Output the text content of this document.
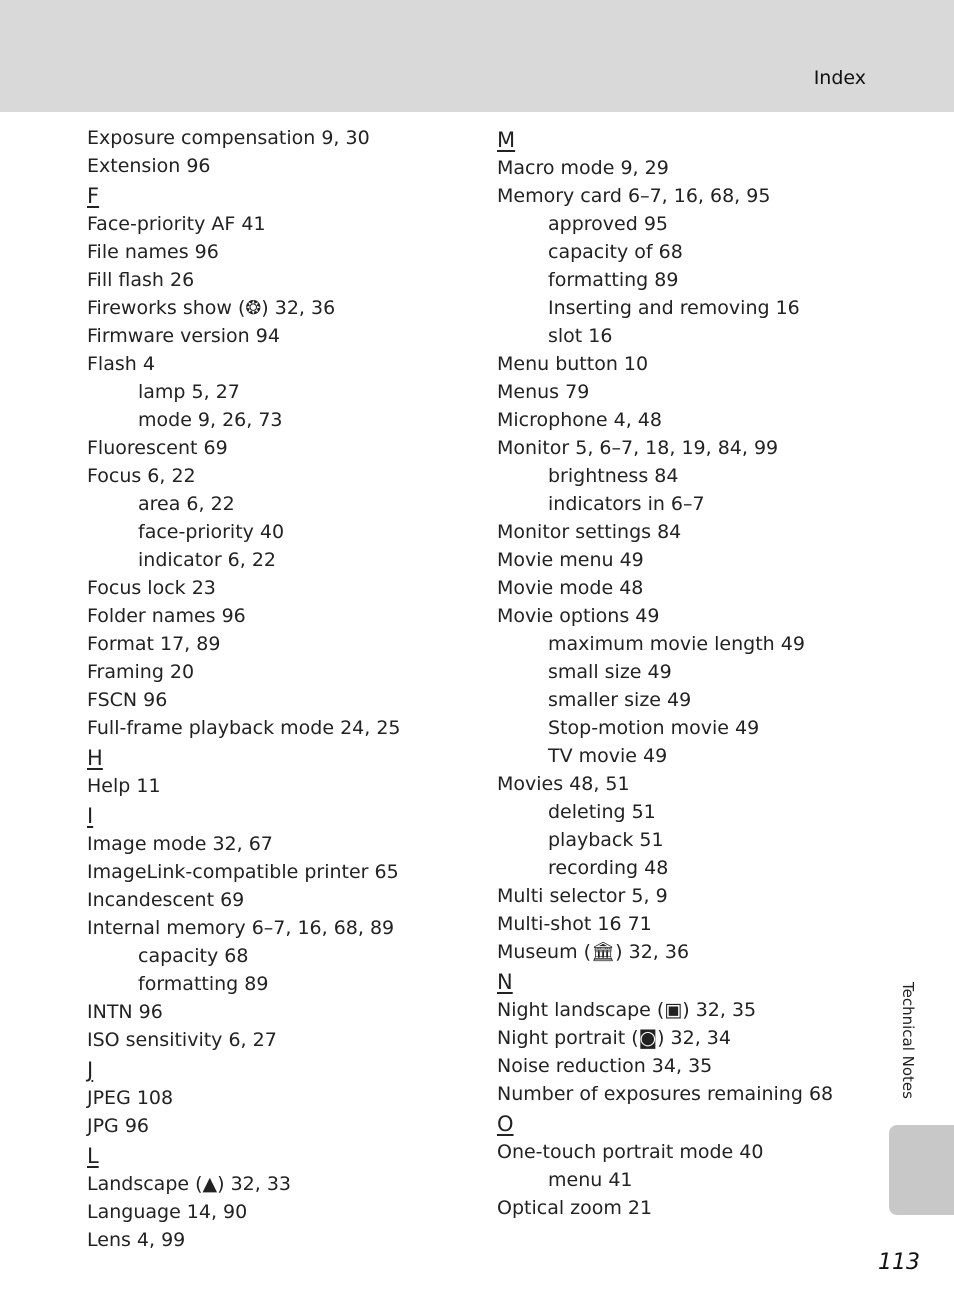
Index
Exposure compensation 9, 30
Extension 96
F
Face-priority AF 41
File names 96
Fill flash 26
Fireworks show (❂) 32, 36
Firmware version 94
Flash 4
lamp 5, 27
mode 9, 26, 73
Fluorescent 69
Focus 6, 22
area 6, 22
face-priority 40
indicator 6, 22
Focus lock 23
Folder names 96
Format 17, 89
Framing 20
FSCN 96
Full-frame playback mode 24, 25
H
Help 11
I
Image mode 32, 67
ImageLink-compatible printer 65
Incandescent 69
Internal memory 6–7, 16, 68, 89
capacity 68
formatting 89
INTN 96
ISO sensitivity 6, 27
J
JPEG 108
JPG 96
L
Landscape (▲) 32, 33
Language 14, 90
Lens 4, 99
M
Macro mode 9, 29
Memory card 6–7, 16, 68, 95
approved 95
capacity of 68
formatting 89
Inserting and removing 16
slot 16
Menu button 10
Menus 79
Microphone 4, 48
Monitor 5, 6–7, 18, 19, 84, 99
brightness 84
indicators in 6–7
Monitor settings 84
Movie menu 49
Movie mode 48
Movie options 49
maximum movie length 49
small size 49
smaller size 49
Stop-motion movie 49
TV movie 49
Movies 48, 51
deleting 51
playback 51
recording 48
Multi selector 5, 9
Multi-shot 16 71
Museum (🏛) 32, 36
N
Night landscape (▣) 32, 35
Night portrait (◙) 32, 34
Noise reduction 34, 35
Number of exposures remaining 68
O
One-touch portrait mode 40
menu 41
Optical zoom 21
Technical Notes
113
